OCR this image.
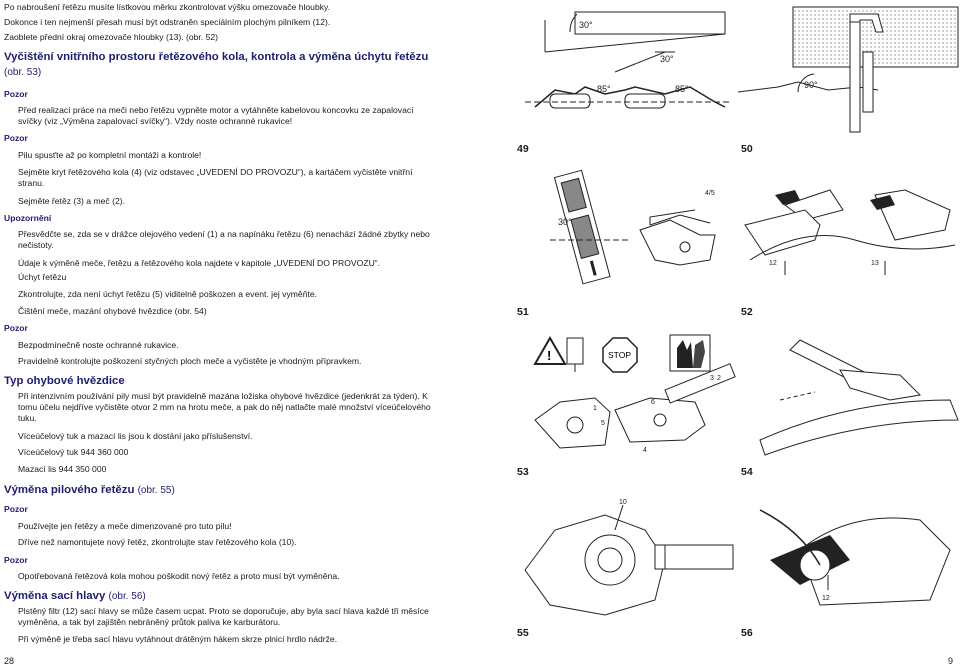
Po nabroušení řetězu musíte lístkovou měrku zkontrolovat výšku omezovače hloubky.
Dokonce i ten nejmenší přesah musí být odstraněn speciálním plochým pilníkem (12).
Zaoblete přední okraj omezovače hloubky (13). (obr. 52)
Vyčištění vnitřního prostoru řetězového kola, kontrola a výměna úchytu řetězu (obr. 53)
Pozor
Před realizací práce na meči nebo řetězu vypněte motor a vytáhněte kabelovou koncovku ze zapalovací svíčky (viz „Výměna zapalovací svíčky“). Vždy noste ochranné rukavice!
Pozor
Pilu spusťte až po kompletní montáži a kontrole!
Sejměte kryt řetězového kola (4) (viz odstavec „UVEDENÍ DO PROVOZU“), a kartáčem vyčistěte vnitřní stranu.
Sejměte řetěz (3) a meč (2).
Upozornění
Přesvědčte se, zda se v drážce olejového vedení (1) a na napínáku řetězu (6) nenachází žádné zbytky nebo nečistoty.
Údaje k výměně meče, řetězu a řetězového kola najdete v kapitole „UVEDENÍ DO PROVOZU“.
Úchyt řetězu
Zkontrolujte, zda není úchyt řetězu (5) viditelně poškozen a event. jej vyměňte.
Čištění meče, mazání ohybové hvězdice (obr. 54)
Pozor
Bezpodmínečně noste ochranné rukavice.
Pravidelně kontrolujte poškození styčných ploch meče a vyčistěte je vhodným přípravkem.
Typ ohybové hvězdice
Při intenzivním používání pily musí být pravidelně mazána ložiska ohybové hvězdice (jedenkrát za týden). K tomu účelu nejdříve vyčistěte otvor 2 mm na hrotu meče, a pak do něj natlačte malé množství víceúčelového tuku.
Víceúčelový tuk a mazací lis jsou k dostání jako příslušenství.
Víceúčelový tuk 944 360 000
Mazací lis 944 350 000
Výměna pilového řetězu (obr. 55)
Pozor
Používejte jen řetězy a meče dimenzované pro tuto pilu!
Dříve než namontujete nový řetěz, zkontrolujte stav řetězového kola (10).
Pozor
Opotřebovaná řetězová kola mohou poškodit nový řetěz a proto musí být vyměněna.
Výměna sací hlavy (obr. 56)
Plstěný filtr (12) sací hlavy se může časem ucpat. Proto se doporučuje, aby byla sací hlava každé tři měsíce vyměněna, a tak byl zajištěn nebráněný průtok paliva ke karburátoru.
Při výměně je třeba sací hlavu vytáhnout drátěným hákem skrze plnicí hrdlo nádrže.
28	9
30°
85°	85°
30°
49
90°
50
30°
51
4/5
12	13
52
!	STOP
1
5
6
4
3 2
53	54
10
55
12
56
